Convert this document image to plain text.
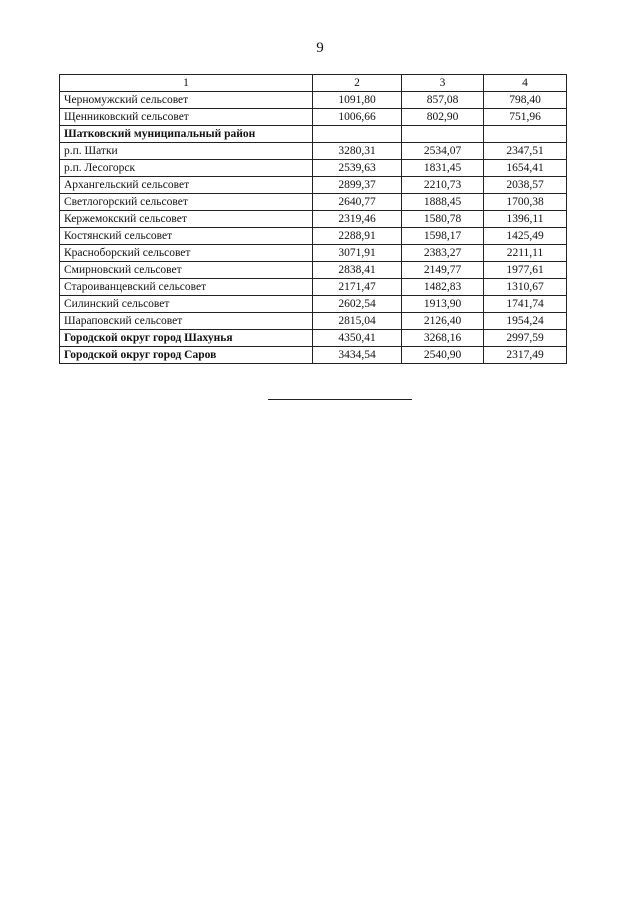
9
1	2	3	4
Черномужский сельсовет	1091,80	857,08	798,40
Щенниковский сельсовет	1006,66	802,90	751,96
Шатковский муниципальный район			
р.п. Шатки	3280,31	2534,07	2347,51
р.п. Лесогорск	2539,63	1831,45	1654,41
Архангельский сельсовет	2899,37	2210,73	2038,57
Светлогорский сельсовет	2640,77	1888,45	1700,38
Кержемокский сельсовет	2319,46	1580,78	1396,11
Костянский сельсовет	2288,91	1598,17	1425,49
Красноборский сельсовет	3071,91	2383,27	2211,11
Смирновский сельсовет	2838,41	2149,77	1977,61
Староиванцевский сельсовет	2171,47	1482,83	1310,67
Силинский сельсовет	2602,54	1913,90	1741,74
Шараповский сельсовет	2815,04	2126,40	1954,24
Городской округ город Шахунья	4350,41	3268,16	2997,59
Городской округ город Саров	3434,54	2540,90	2317,49
